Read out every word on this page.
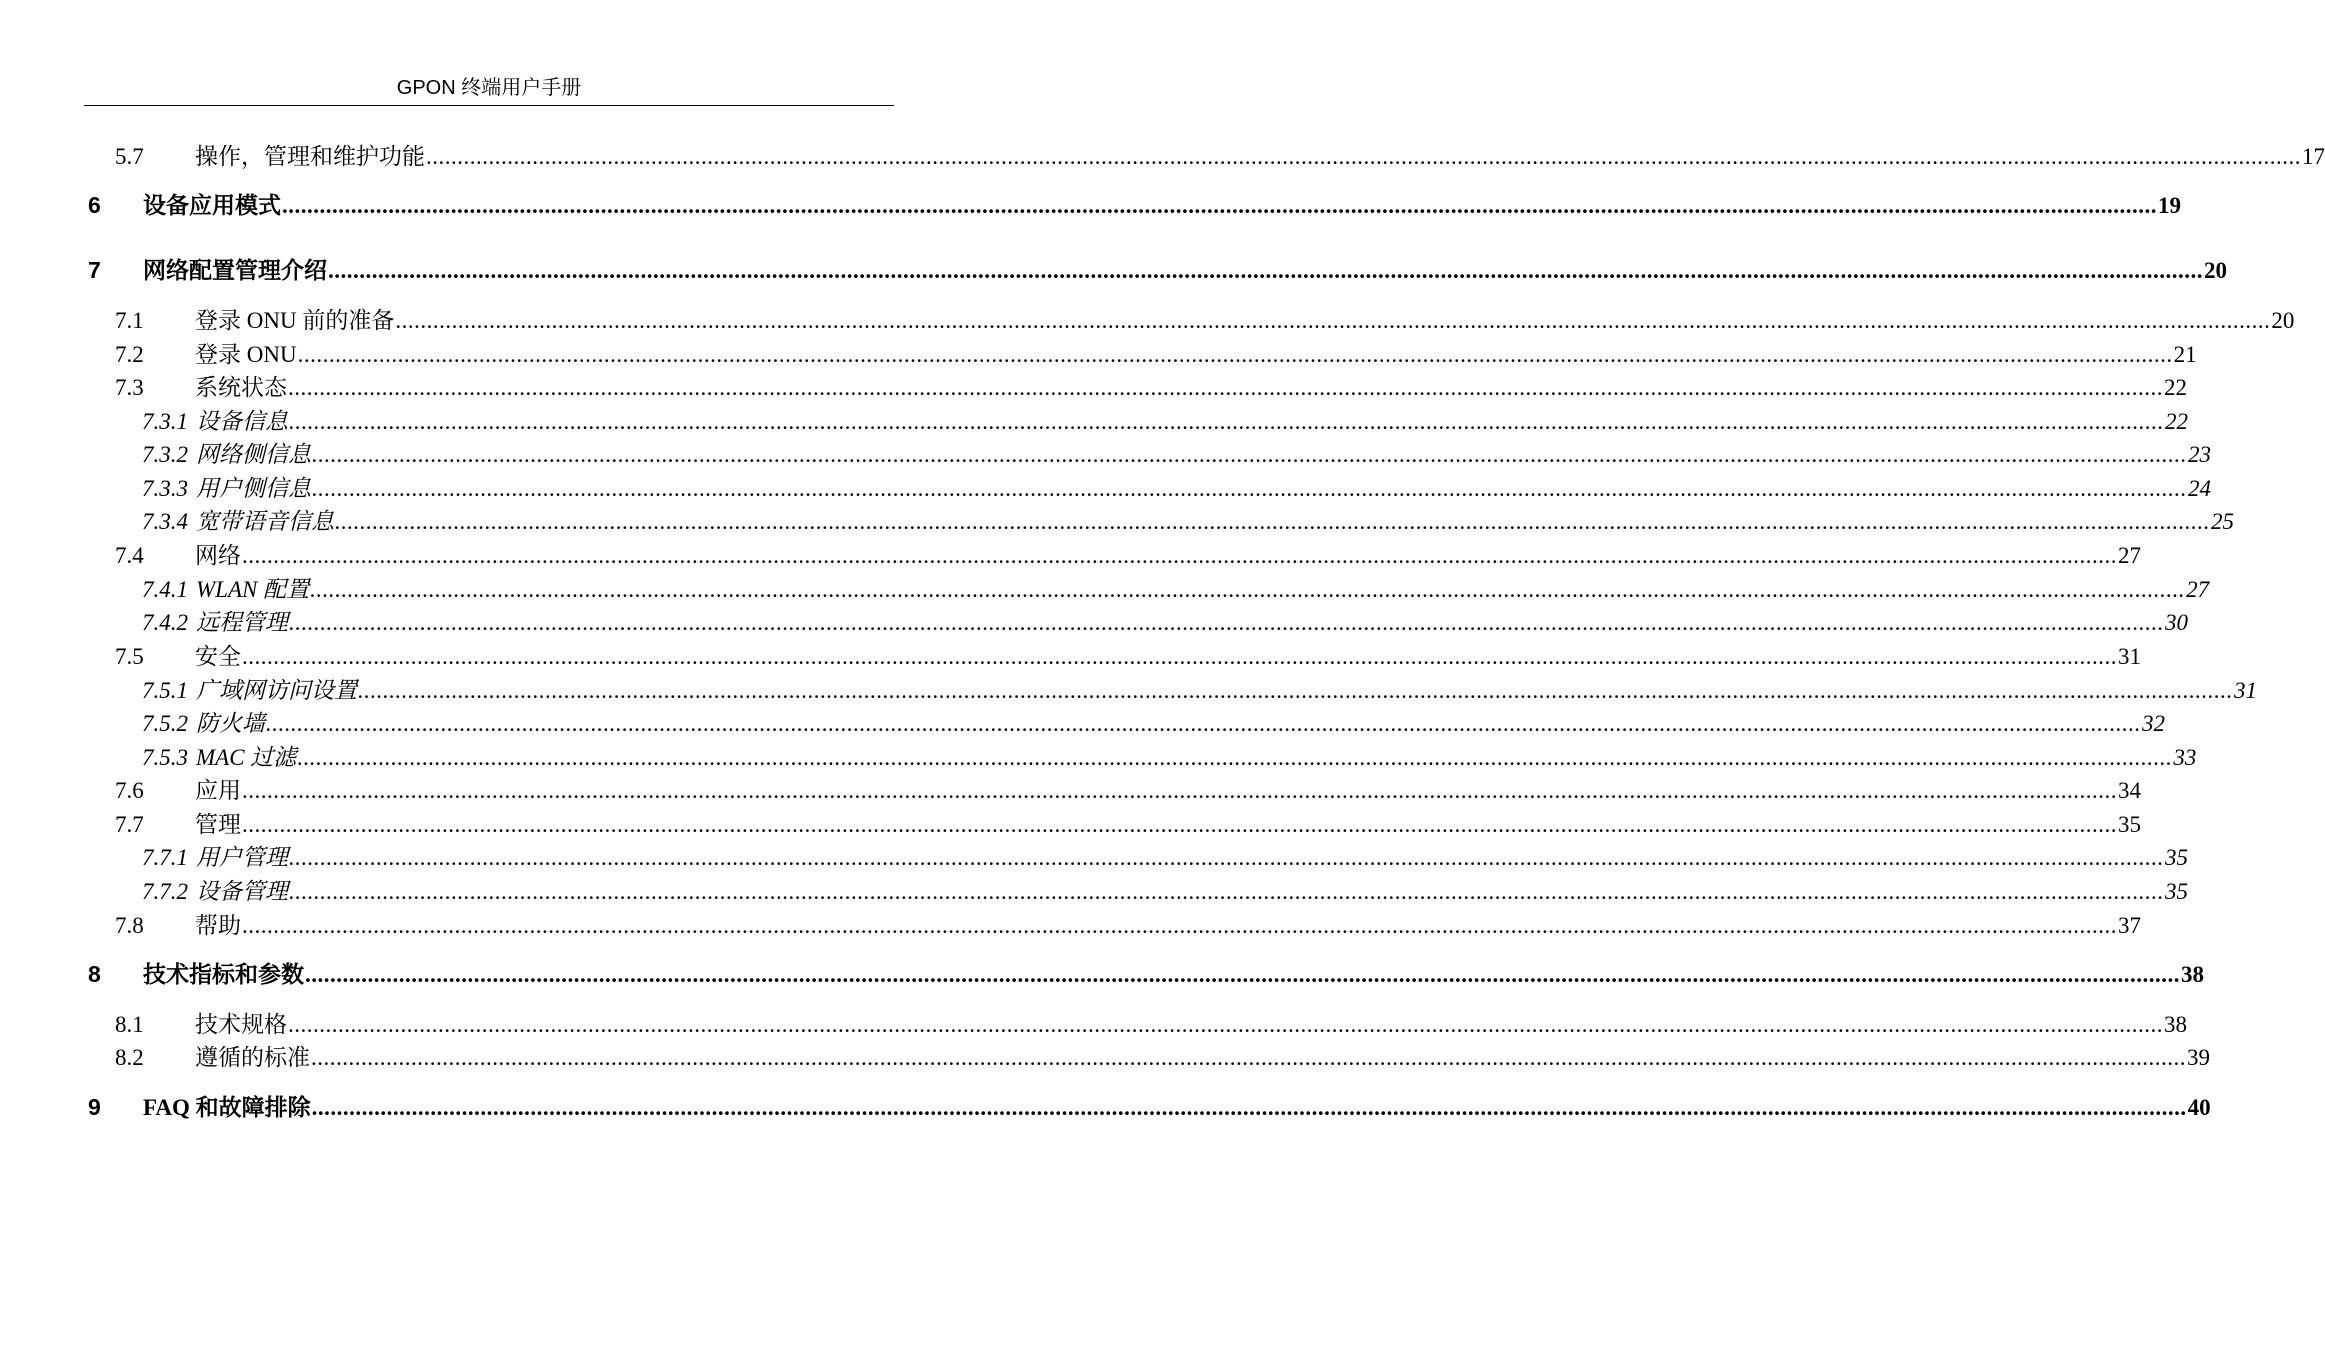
GPON 终端用户手册
5.7	操作，管理和维护功能 ............................................................................................................................................................................................................................................................................................................ 17
6	设备应用模式 ............................................................................................................................................................................................................................................................................................................ 19
7	网络配置管理介绍 ............................................................................................................................................................................................................................................................................................................ 20
7.1	登录 ONU 前的准备 ............................................................................................................................................................................................................................................................................................................ 20
7.2	登录 ONU ............................................................................................................................................................................................................................................................................................................ 21
7.3	系统状态 ............................................................................................................................................................................................................................................................................................................ 22
7.3.1 设备信息 ............................................................................................................................................................................................................................................................................................................ 22
7.3.2 网络侧信息 ............................................................................................................................................................................................................................................................................................................ 23
7.3.3 用户侧信息 ............................................................................................................................................................................................................................................................................................................ 24
7.3.4 宽带语音信息 ............................................................................................................................................................................................................................................................................................................ 25
7.4	网络 ............................................................................................................................................................................................................................................................................................................ 27
7.4.1 WLAN 配置 ............................................................................................................................................................................................................................................................................................................ 27
7.4.2 远程管理 ............................................................................................................................................................................................................................................................................................................ 30
7.5	安全 ............................................................................................................................................................................................................................................................................................................ 31
7.5.1 广域网访问设置 ............................................................................................................................................................................................................................................................................................................ 31
7.5.2 防火墙 ............................................................................................................................................................................................................................................................................................................ 32
7.5.3 MAC 过滤 ............................................................................................................................................................................................................................................................................................................ 33
7.6	应用 ............................................................................................................................................................................................................................................................................................................ 34
7.7	管理 ............................................................................................................................................................................................................................................................................................................ 35
7.7.1 用户管理 ............................................................................................................................................................................................................................................................................................................ 35
7.7.2 设备管理 ............................................................................................................................................................................................................................................................................................................ 35
7.8	帮助 ............................................................................................................................................................................................................................................................................................................ 37
8	技术指标和参数 ............................................................................................................................................................................................................................................................................................................ 38
8.1	技术规格 ............................................................................................................................................................................................................................................................................................................ 38
8.2	遵循的标准 ............................................................................................................................................................................................................................................................................................................ 39
9	FAQ 和故障排除 ............................................................................................................................................................................................................................................................................................................ 40
